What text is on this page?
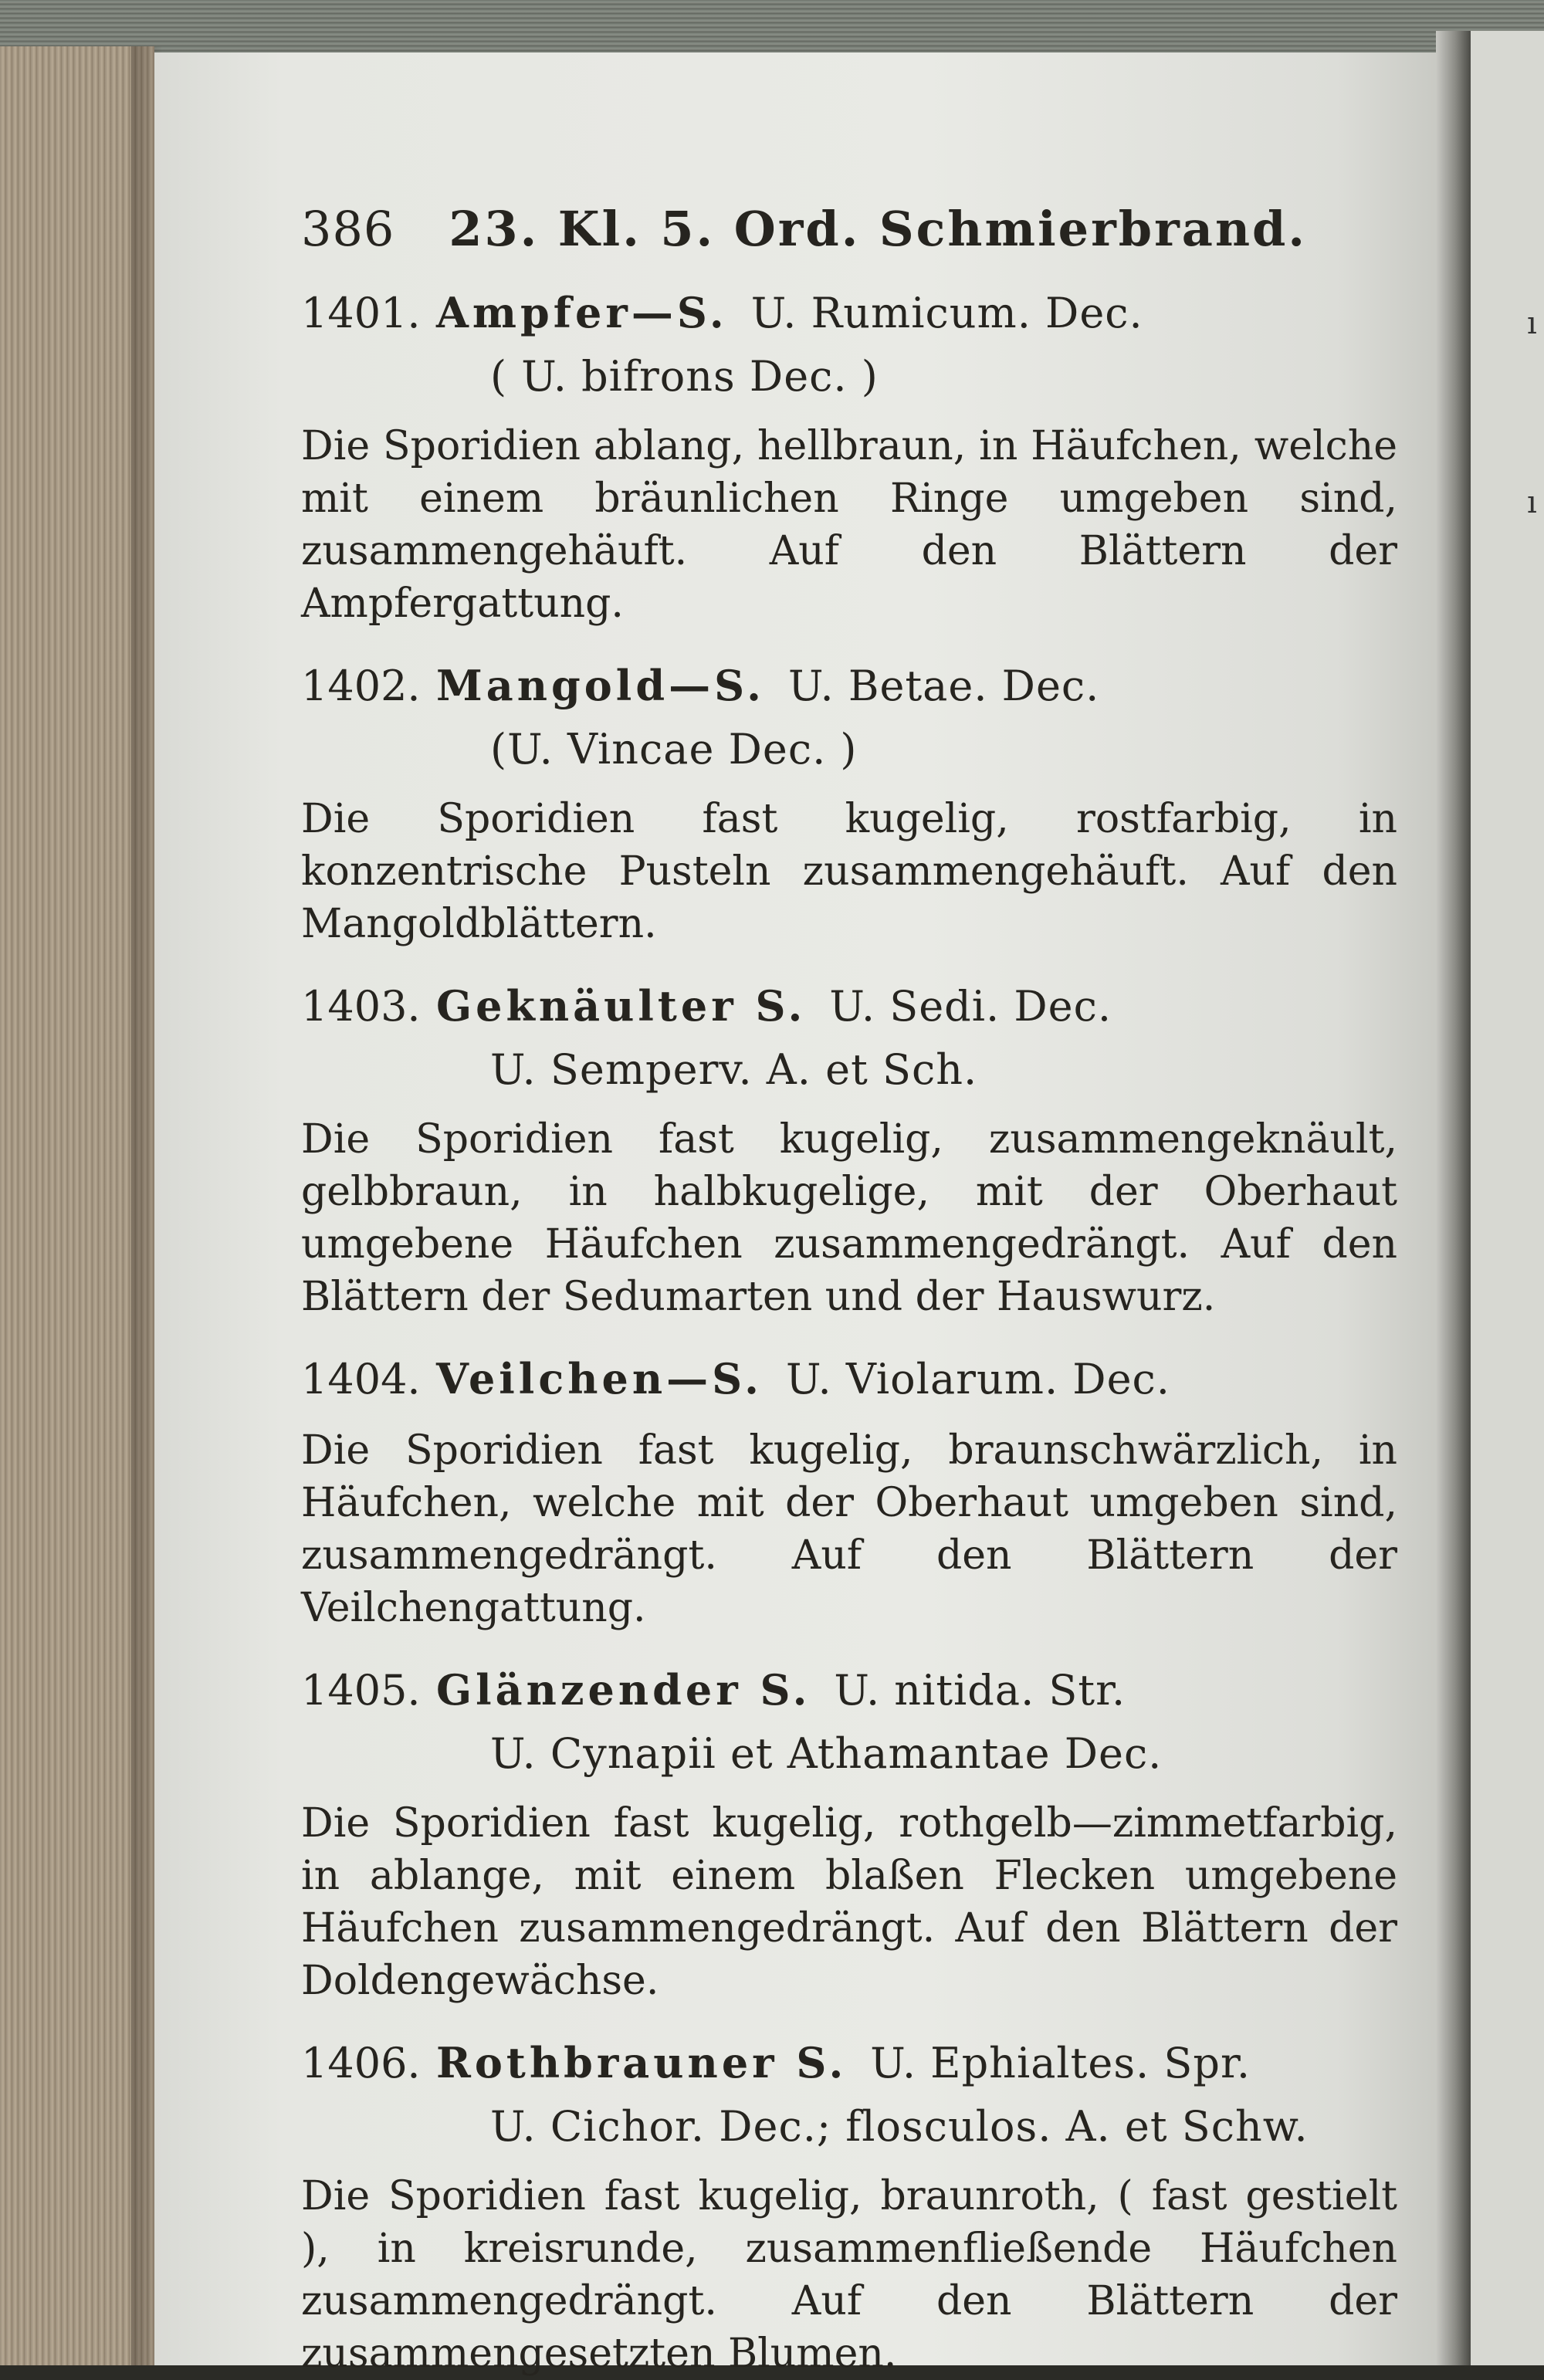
ı

ı
386 23. Kl. 5. Ord. Schmierbrand.
1401. Ampfer—S. U. Rumicum. Dec.
( U. bifrons Dec. )
Die Sporidien ablang, hellbraun, in Häufchen, welche mit einem bräunlichen Ringe umgeben sind, zusammengehäuft. Auf den Blättern der Ampfergattung.
1402. Mangold—S. U. Betae. Dec.
(U. Vincae Dec. )
Die Sporidien fast kugelig, rostfarbig, in konzentrische Pusteln zusammengehäuft. Auf den Mangoldblättern.
1403. Geknäulter S. U. Sedi. Dec.
U. Semperv. A. et Sch.
Die Sporidien fast kugelig, zusammengeknäult, gelbbraun, in halbkugelige, mit der Oberhaut umgebene Häufchen zusammengedrängt. Auf den Blättern der Sedumarten und der Hauswurz.
1404. Veilchen—S. U. Violarum. Dec.
Die Sporidien fast kugelig, braunschwärzlich, in Häufchen, welche mit der Oberhaut umgeben sind, zusammengedrängt. Auf den Blättern der Veilchengattung.
1405. Glänzender S. U. nitida. Str.
U. Cynapii et Athamantae Dec.
Die Sporidien fast kugelig, rothgelb—zimmetfarbig, in ablange, mit einem blaßen Flecken umgebene Häufchen zusammengedrängt. Auf den Blättern der Doldengewächse.
1406. Rothbrauner S. U. Ephialtes. Spr.
U. Cichor. Dec.; flosculos. A. et Schw.
Die Sporidien fast kugelig, braunroth, ( fast gestielt ), in kreisrunde, zusammenfließende Häufchen zusammengedrängt. Auf den Blättern der zusammengesetzten Blumen.
